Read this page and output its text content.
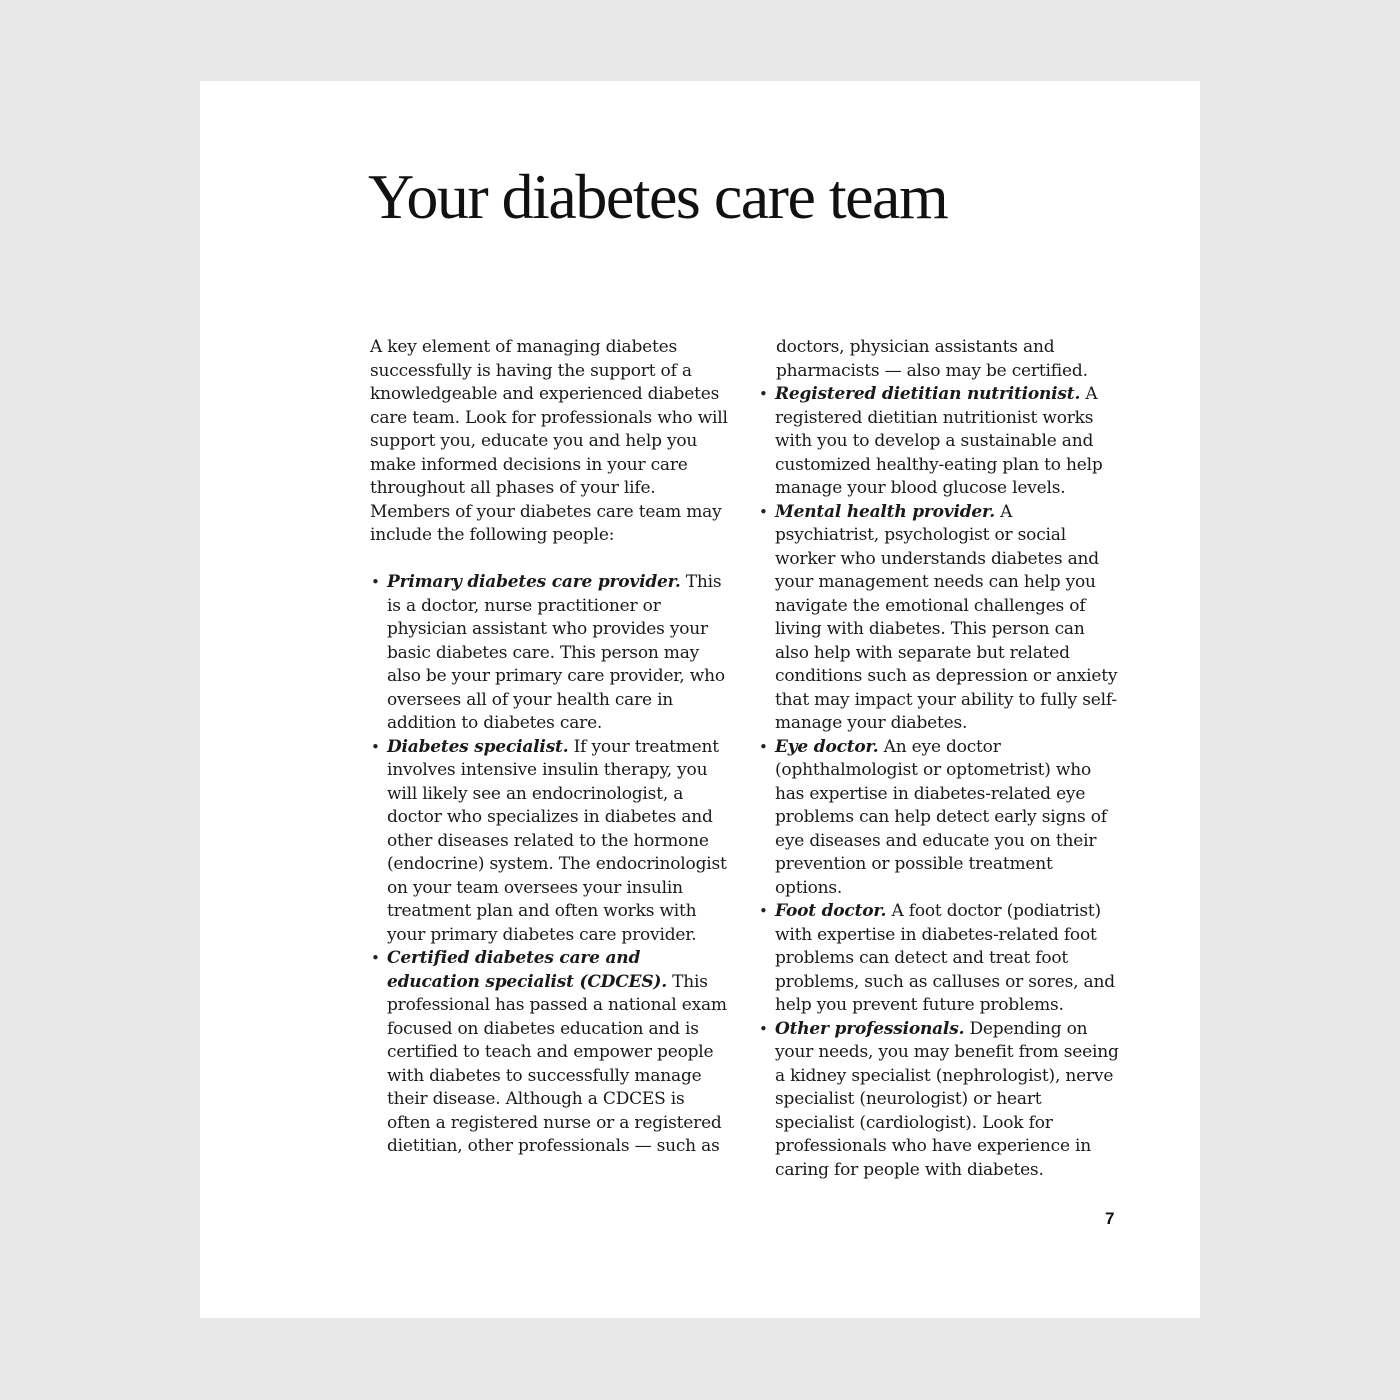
Your diabetes care team

A key element of managing diabetes successfully is having the support of a knowledgeable and experienced diabetes care team. Look for professionals who will support you, educate you and help you make informed decisions in your care throughout all phases of your life. Members of your diabetes care team may include the following people:

• Primary diabetes care provider. This is a doctor, nurse practitioner or physician assistant who provides your basic diabetes care. This person may also be your primary care provider, who oversees all of your health care in addition to diabetes care.
• Diabetes specialist. If your treatment involves intensive insulin therapy, you will likely see an endocrinologist, a doctor who specializes in diabetes and other diseases related to the hormone (endocrine) system. The endocrinologist on your team oversees your insulin treatment plan and often works with your primary diabetes care provider.
• Certified diabetes care and education specialist (CDCES). This professional has passed a national exam focused on diabetes education and is certified to teach and empower people with diabetes to successfully manage their disease. Although a CDCES is often a registered nurse or a registered dietitian, other professionals — such as
doctors, physician assistants and pharmacists — also may be certified.
• Registered dietitian nutritionist. A registered dietitian nutritionist works with you to develop a sustainable and customized healthy-eating plan to help manage your blood glucose levels.
• Mental health provider. A psychiatrist, psychologist or social worker who understands diabetes and your management needs can help you navigate the emotional challenges of living with diabetes. This person can also help with separate but related conditions such as depression or anxiety that may impact your ability to fully self-manage your diabetes.
• Eye doctor. An eye doctor (ophthalmologist or optometrist) who has expertise in diabetes-related eye problems can help detect early signs of eye diseases and educate you on their prevention or possible treatment options.
• Foot doctor. A foot doctor (podiatrist) with expertise in diabetes-related foot problems can detect and treat foot problems, such as calluses or sores, and help you prevent future problems.
• Other professionals. Depending on your needs, you may benefit from seeing a kidney specialist (nephrologist), nerve specialist (neurologist) or heart specialist (cardiologist). Look for professionals who have experience in caring for people with diabetes.
7
